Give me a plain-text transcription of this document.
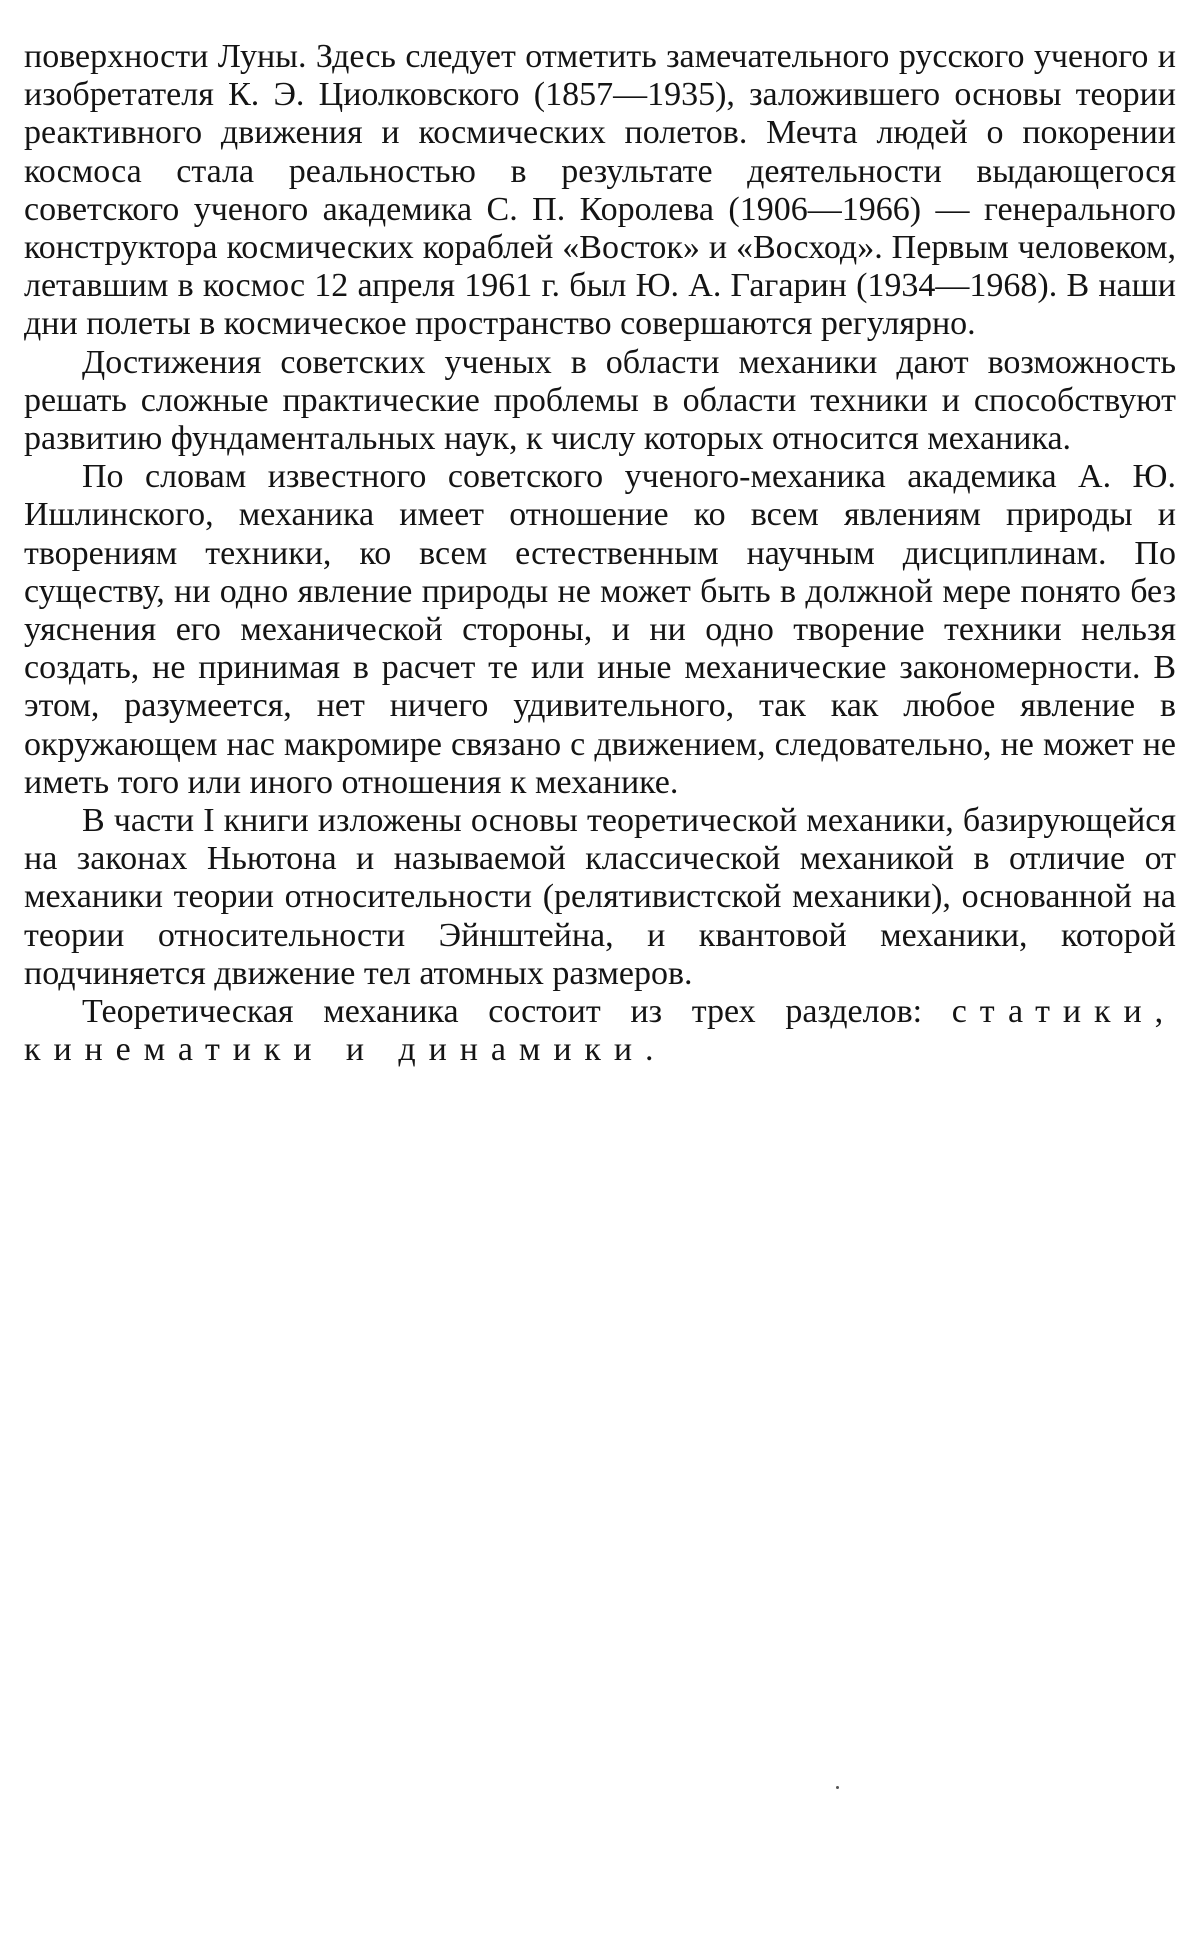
поверхности Луны. Здесь следует отметить замечательного русского ученого и изобретателя К. Э. Циолковского (1857—1935), заложившего основы теории реактивного движения и космических полетов. Мечта людей о покорении космоса стала реальностью в результате деятельности выдающегося советского ученого академика С. П. Королева (1906—1966) — генерального конструктора космических кораблей «Восток» и «Восход». Первым человеком, летавшим в космос 12 апреля 1961 г. был Ю. А. Гагарин (1934—1968). В наши дни полеты в космическое пространство совершаются регулярно.

Достижения советских ученых в области механики дают возможность решать сложные практические проблемы в области техники и способствуют развитию фундаментальных наук, к числу которых относится механика.

По словам известного советского ученого-механика академика А. Ю. Ишлинского, механика имеет отношение ко всем явлениям природы и творениям техники, ко всем естественным научным дисциплинам. По существу, ни одно явление природы не может быть в должной мере понято без уяснения его механической стороны, и ни одно творение техники нельзя создать, не принимая в расчет те или иные механические закономерности. В этом, разумеется, нет ничего удивительного, так как любое явление в окружающем нас макромире связано с движением, следовательно, не может не иметь того или иного отношения к механике.

В части I книги изложены основы теоретической механики, базирующейся на законах Ньютона и называемой классической механикой в отличие от механики теории относительности (релятивистской механики), основанной на теории относительности Эйнштейна, и квантовой механики, которой подчиняется движение тел атомных размеров.

Теоретическая механика состоит из трех разделов: статики, кинематики и динамики.
